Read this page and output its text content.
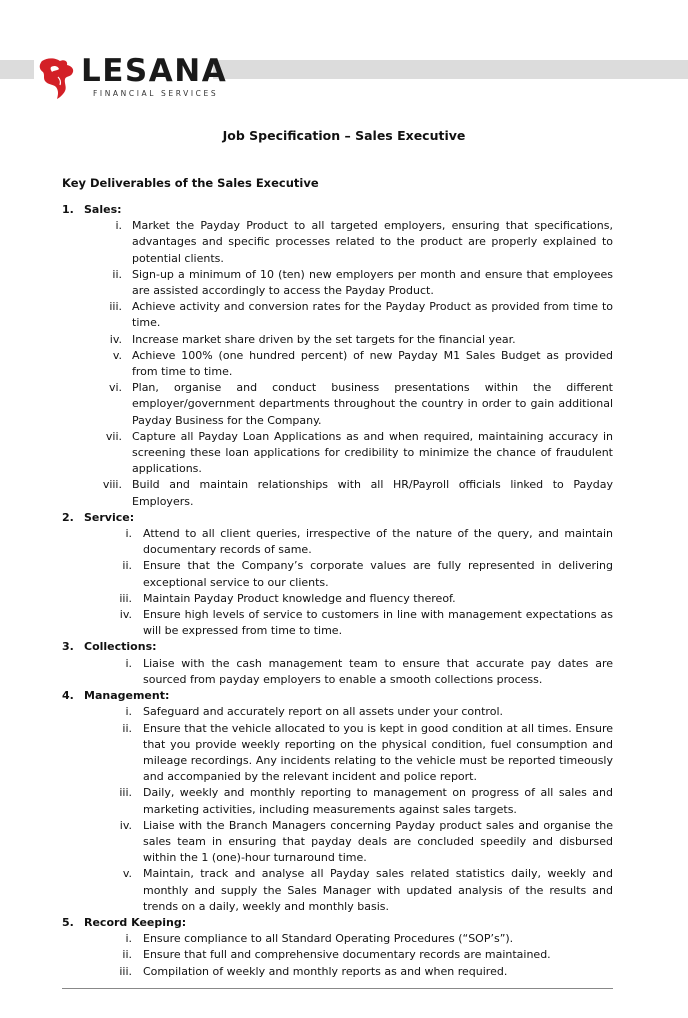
LESANA
FINANCIAL SERVICES
Job Specification – Sales Executive
Key Deliverables of the Sales Executive
1. Sales:
i. Market the Payday Product to all targeted employers, ensuring that specifications, advantages and specific processes related to the product are properly explained to potential clients.
ii. Sign-up a minimum of 10 (ten) new employers per month and ensure that employees are assisted accordingly to access the Payday Product.
iii. Achieve activity and conversion rates for the Payday Product as provided from time to time.
iv. Increase market share driven by the set targets for the financial year.
v. Achieve 100% (one hundred percent) of new Payday M1 Sales Budget as provided from time to time.
vi. Plan, organise and conduct business presentations within the different employer/government departments throughout the country in order to gain additional Payday Business for the Company.
vii. Capture all Payday Loan Applications as and when required, maintaining accuracy in screening these loan applications for credibility to minimize the chance of fraudulent applications.
viii. Build and maintain relationships with all HR/Payroll officials linked to Payday Employers.
2. Service:
i. Attend to all client queries, irrespective of the nature of the query, and maintain documentary records of same.
ii. Ensure that the Company’s corporate values are fully represented in delivering exceptional service to our clients.
iii. Maintain Payday Product knowledge and fluency thereof.
iv. Ensure high levels of service to customers in line with management expectations as will be expressed from time to time.
3. Collections:
i. Liaise with the cash management team to ensure that accurate pay dates are sourced from payday employers to enable a smooth collections process.
4. Management:
i. Safeguard and accurately report on all assets under your control.
ii. Ensure that the vehicle allocated to you is kept in good condition at all times. Ensure that you provide weekly reporting on the physical condition, fuel consumption and mileage recordings. Any incidents relating to the vehicle must be reported timeously and accompanied by the relevant incident and police report.
iii. Daily, weekly and monthly reporting to management on progress of all sales and marketing activities, including measurements against sales targets.
iv. Liaise with the Branch Managers concerning Payday product sales and organise the sales team in ensuring that payday deals are concluded speedily and disbursed within the 1 (one)-hour turnaround time.
v. Maintain, track and analyse all Payday sales related statistics daily, weekly and monthly and supply the Sales Manager with updated analysis of the results and trends on a daily, weekly and monthly basis.
5. Record Keeping:
i. Ensure compliance to all Standard Operating Procedures (“SOP’s”).
ii. Ensure that full and comprehensive documentary records are maintained.
iii. Compilation of weekly and monthly reports as and when required.
